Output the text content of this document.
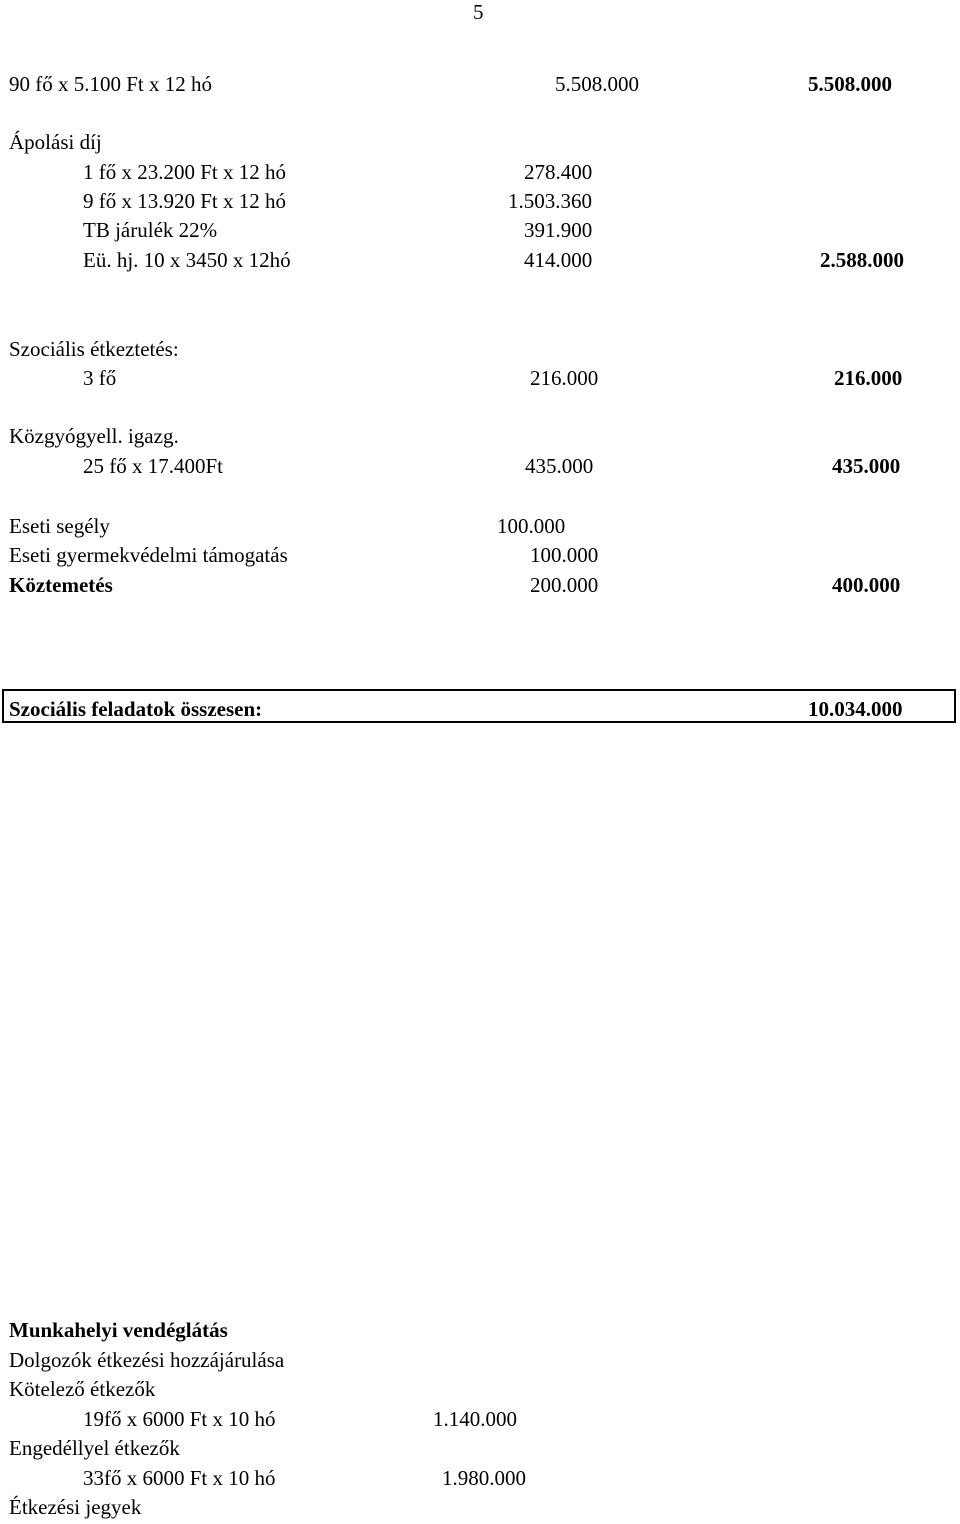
5
90 fő x 5.100 Ft x 12 hó	5.508.000	5.508.000
Ápolási díj
1 fő x 23.200 Ft x 12 hó	278.400
9 fő x 13.920 Ft x 12 hó	1.503.360
TB járulék 22%	391.900
Eü. hj. 10 x 3450 x 12hó	414.000	2.588.000
Szociális étkeztetés:
3 fő	216.000	216.000
Közgyógyell. igazg.
25 fő x 17.400Ft	435.000	435.000
Eseti segély	100.000
Eseti gyermekvédelmi támogatás	100.000
Köztemetés	200.000	400.000
Szociális feladatok összesen:	10.034.000
Munkahelyi vendéglátás
Dolgozók étkezési hozzájárulása
Kötelező étkezők
19fő x 6000 Ft x 10 hó	1.140.000
Engedéllyel étkezők
33fő x 6000 Ft x 10 hó	1.980.000
Étkezési jegyek
